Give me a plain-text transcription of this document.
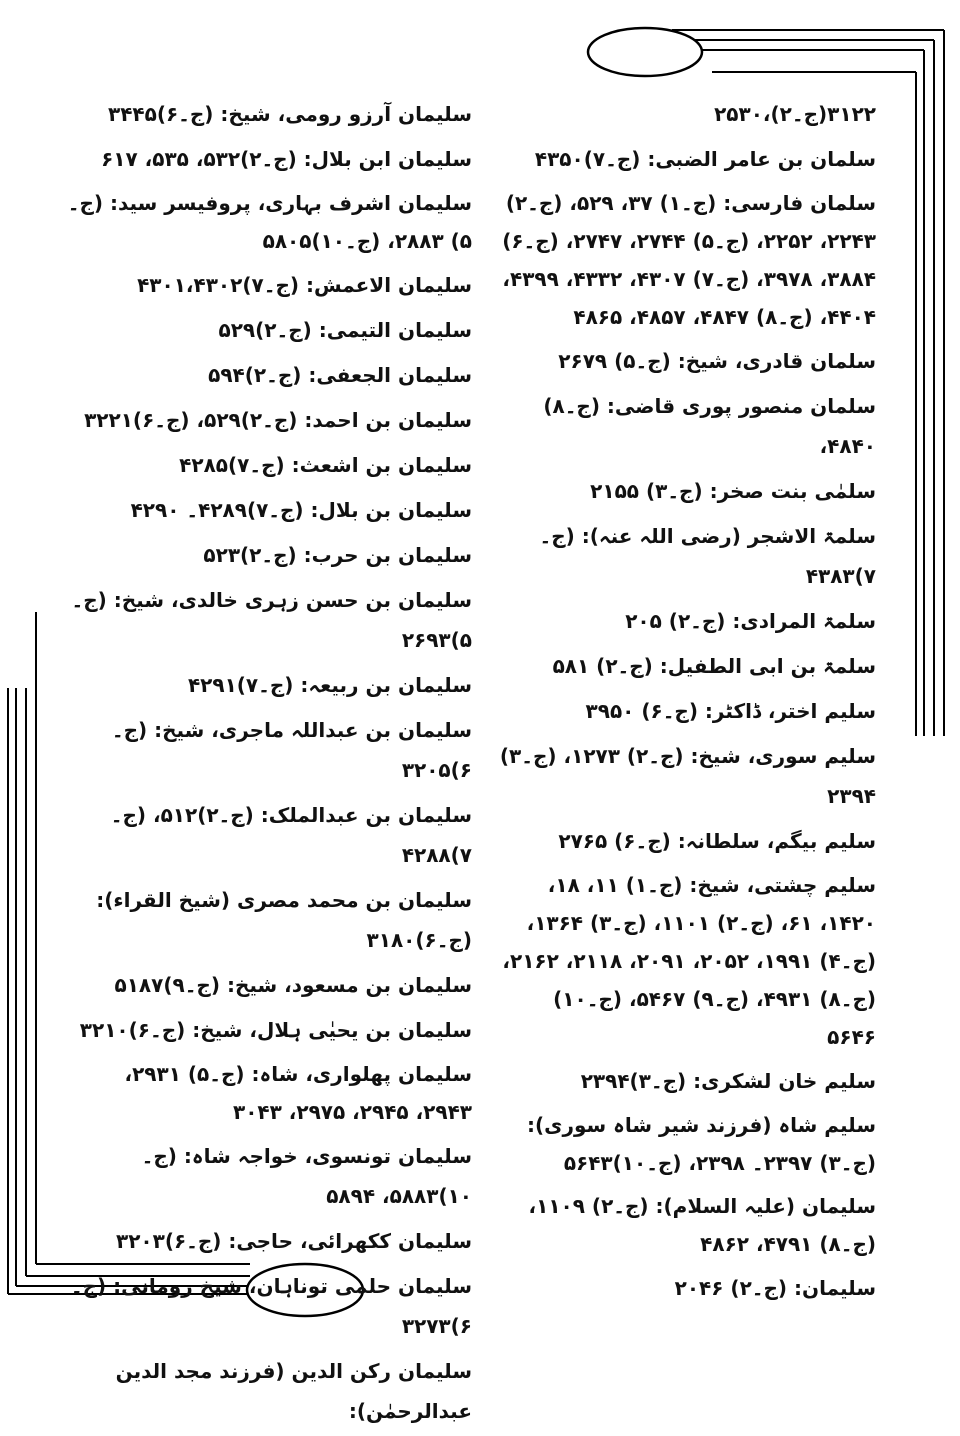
۳۱۲۲(ج۔۲)،۲۵۳۰
سلمان بن عامر الضبی: (ج۔۷)۴۳۵۰
سلمان فارسی: (ج۔۱) ۳۷، ۵۲۹، (ج۔۲) ۲۲۴۳، ۲۲۵۲، (ج۔۵) ۲۷۴۴، ۲۷۴۷، (ج۔۶) ۳۸۸۴، ۳۹۷۸، (ج۔۷) ۴۳۰۷، ۴۳۳۲، ۴۳۹۹، ۴۴۰۴، (ج۔۸) ۴۸۴۷، ۴۸۵۷، ۴۸۶۵
سلمان قادری، شیخ: (ج۔۵) ۲۶۷۹
سلمان منصور پوری قاضی: (ج۔۸) ۴۸۴۰،
سلمٰی بنت صخر: (ج۔۳) ۲۱۵۵
سلمۃ الاشجر (رضی اللہ عنہ): (ج۔۷)۴۳۸۳
سلمۃ المرادی: (ج۔۲) ۲۰۵
سلمۃ بن ابی الطفیل: (ج۔۲) ۵۸۱
سلیم اختر، ڈاکٹر: (ج۔۶) ۳۹۵۰
سلیم سوری، شیخ: (ج۔۲) ۱۲۷۳، (ج۔۳) ۲۳۹۴
سلیم بیگم، سلطانہ: (ج۔۶) ۲۷۶۵
سلیم چشتی، شیخ: (ج۔۱) ۱۱، ۱۸، ۱۴۲۰، ۶۱، (ج۔۲) ۱۱۰۱، (ج۔۳) ۱۳۶۴، (ج۔۴) ۱۹۹۱، ۲۰۵۲، ۲۰۹۱، ۲۱۱۸، ۲۱۶۲، (ج۔۸) ۴۹۳۱، (ج۔۹) ۵۴۶۷، (ج۔۱۰) ۵۶۴۶
سلیم خان لشکری: (ج۔۳)۲۳۹۴
سلیم شاہ (فرزند شیر شاہ سوری): (ج۔۳) ۲۳۹۷۔ ۲۳۹۸، (ج۔۱۰)۵۶۴۳
سلیمان (علیہ السلام): (ج۔۲) ۱۱۰۹، (ج۔۸) ۴۷۹۱، ۴۸۶۲
سلیمان: (ج۔۲) ۲۰۴۶
سلیمان آرزو رومی، شیخ: (ج۔۶)۳۴۴۵
سلیمان ابن بلال: (ج۔۲)۵۳۲، ۵۳۵، ۶۱۷
سلیمان اشرف بہاری، پروفیسر سید: (ج۔۵) ۲۸۸۳، (ج۔۱۰)۵۸۰۵
سلیمان الاعمش: (ج۔۷)۴۳۰۱،۴۳۰۲
سلیمان التیمی: (ج۔۲)۵۲۹
سلیمان الجعفی: (ج۔۲)۵۹۴
سلیمان بن احمد: (ج۔۲)۵۲۹، (ج۔۶)۳۲۲۱
سلیمان بن اشعث: (ج۔۷)۴۲۸۵
سلیمان بن بلال: (ج۔۷)۴۲۸۹۔ ۴۲۹۰
سلیمان بن حرب: (ج۔۲)۵۲۳
سلیمان بن حسن زہری خالدی، شیخ: (ج۔۵)۲۶۹۳
سلیمان بن ربیعہ: (ج۔۷)۴۲۹۱
سلیمان بن عبداللہ ماجری، شیخ: (ج۔۶)۳۲۰۵
سلیمان بن عبدالملک: (ج۔۲)۵۱۲، (ج۔۷)۴۲۸۸
سلیمان بن محمد مصری (شیخ القراء): (ج۔۶)۳۱۸۰
سلیمان بن مسعود، شیخ: (ج۔۹)۵۱۸۷
سلیمان بن یحیٰی ہلال، شیخ: (ج۔۶)۳۲۱۰
سلیمان پھلواری، شاہ: (ج۔۵) ۲۹۳۱، ۲۹۴۳، ۲۹۴۵، ۲۹۷۵، ۳۰۴۳
سلیمان تونسوی، خواجہ شاہ: (ج۔۱۰)۵۸۸۳، ۵۸۹۴
سلیمان ککھرائی، حاجی: (ج۔۶)۳۲۰۳
سلیمان حلمی توناہان، شیخ رومانی: (ج۔۶)۳۲۷۳
سلیمان رکن الدین (فرزند مجد الدین عبدالرحمٰن):
